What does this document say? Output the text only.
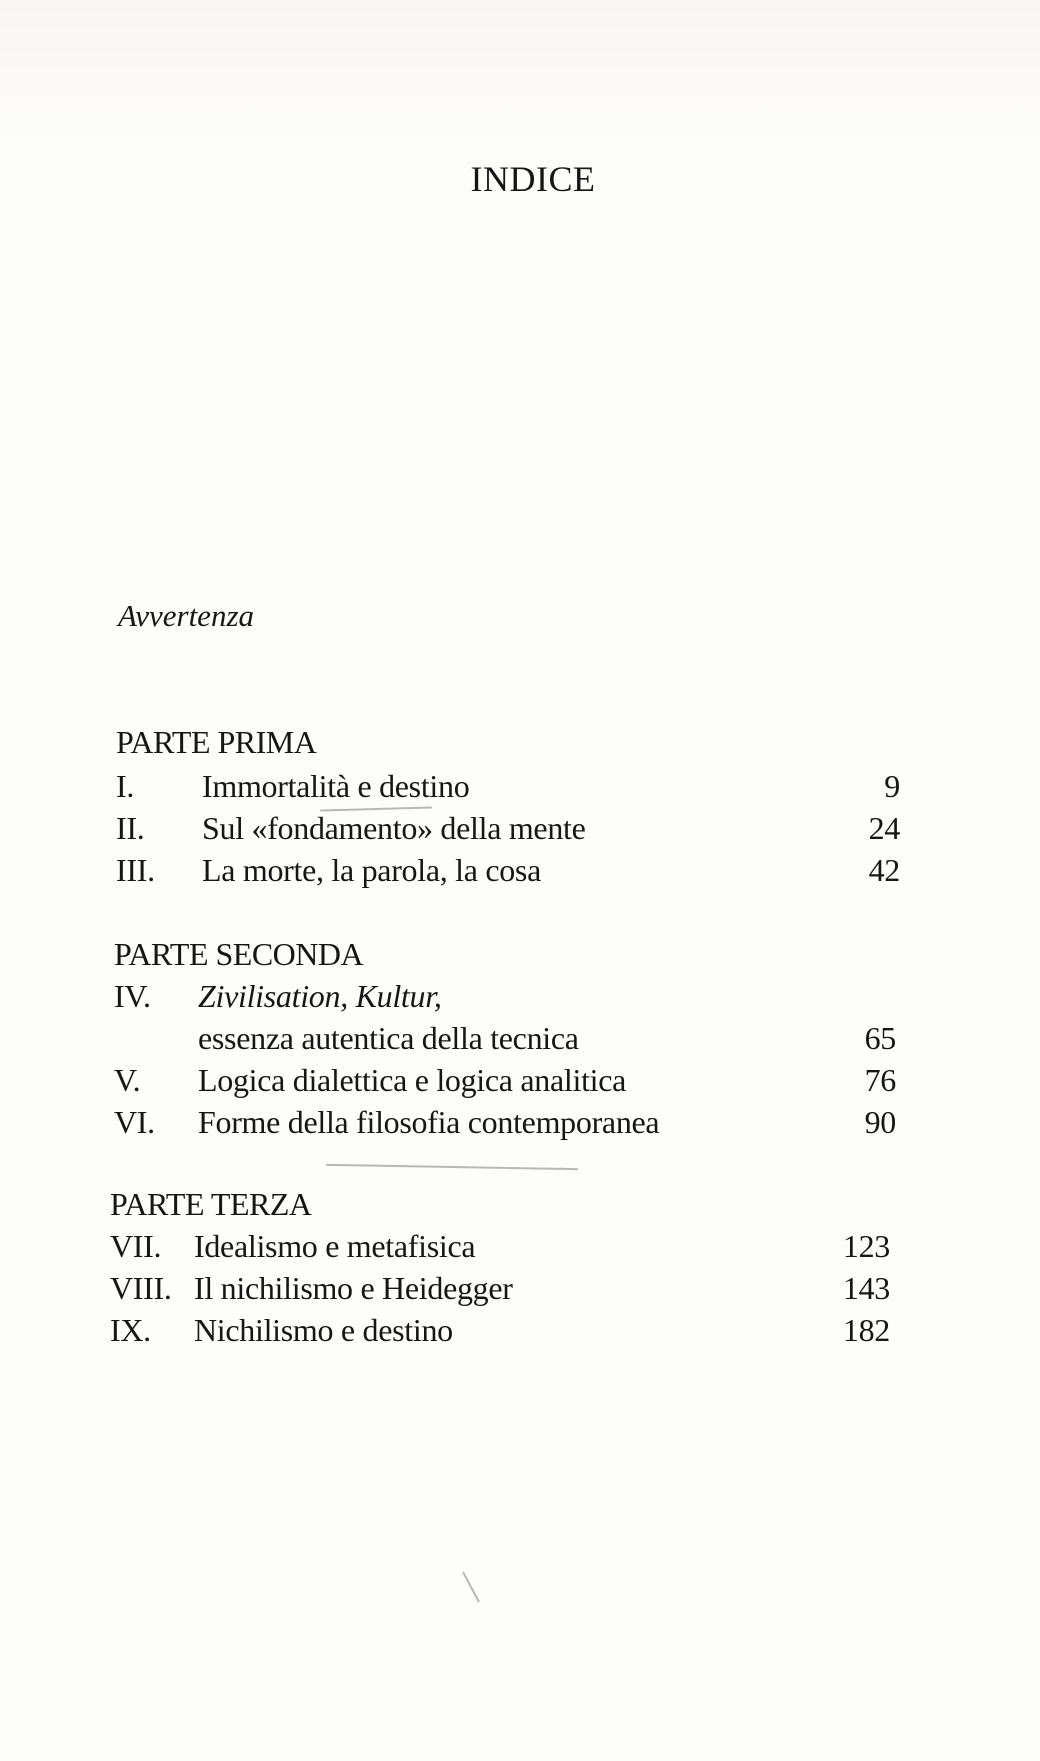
INDICE
Avvertenza
PARTE PRIMA
I. Immortalità e destino	9
II. Sul «fondamento» della mente	24
III. La morte, la parola, la cosa	42
PARTE SECONDA
IV. Zivilisation, Kultur,
essenza autentica della tecnica	65
V. Logica dialettica e logica analitica	76
VI. Forme della filosofia contemporanea	90
PARTE TERZA
VII. Idealismo e metafisica	123
VIII. Il nichilismo e Heidegger	143
IX. Nichilismo e destino	182
